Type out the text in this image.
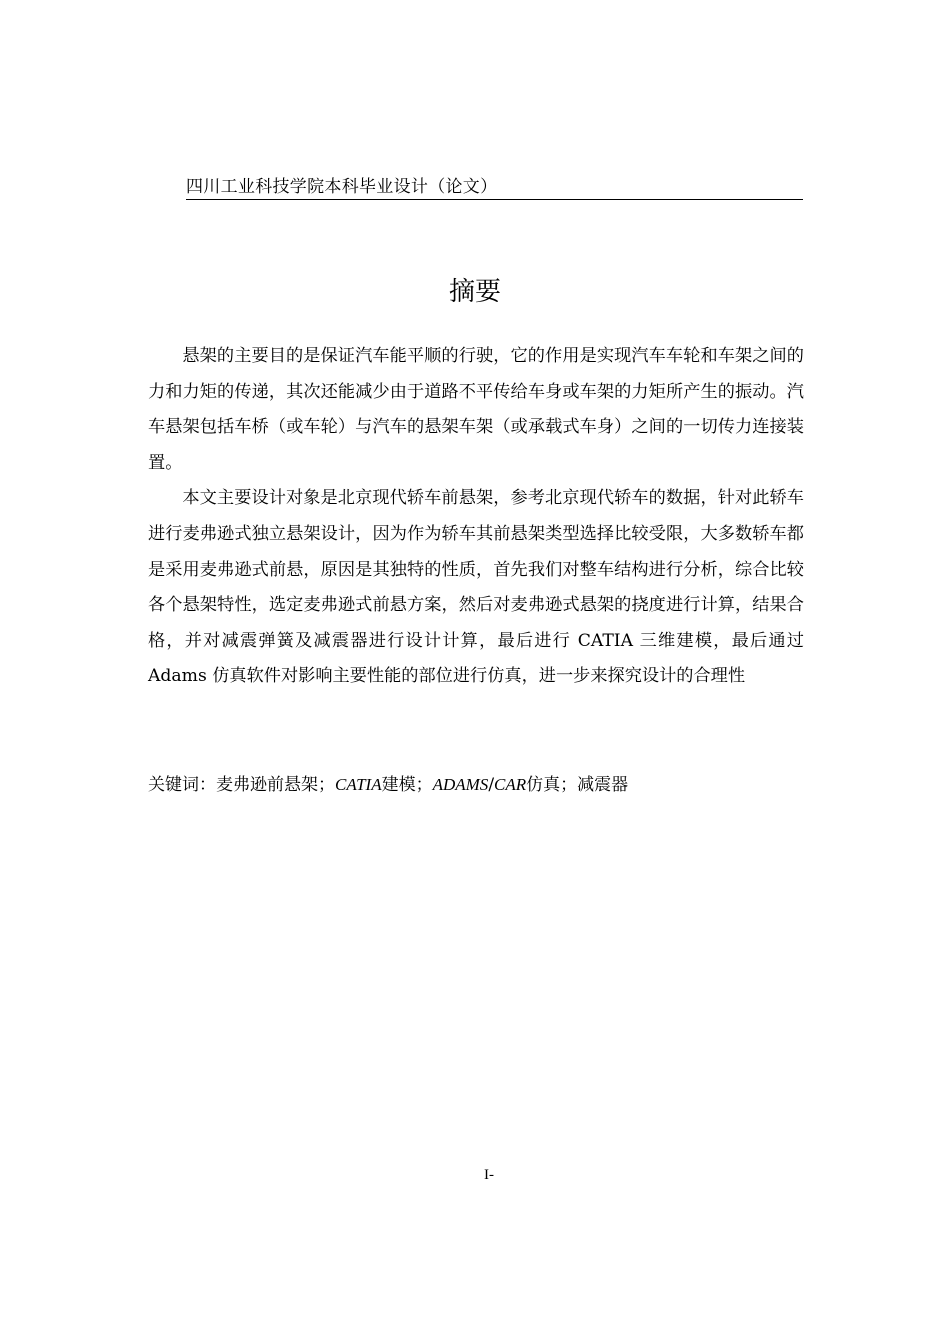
四川工业科技学院本科毕业设计（论文）
摘要

悬架的主要目的是保证汽车能平顺的行驶，它的作用是实现汽车车轮和车架之间的力和力矩的传递，其次还能减少由于道路不平传给车身或车架的力矩所产生的振动。汽车悬架包括车桥（或车轮）与汽车的悬架车架（或承载式车身）之间的一切传力连接装置。

本文主要设计对象是北京现代轿车前悬架，参考北京现代轿车的数据，针对此轿车进行麦弗逊式独立悬架设计，因为作为轿车其前悬架类型选择比较受限，大多数轿车都是采用麦弗逊式前悬，原因是其独特的性质，首先我们对整车结构进行分析，综合比较各个悬架特性，选定麦弗逊式前悬方案，然后对麦弗逊式悬架的挠度进行计算，结果合格，并对减震弹簧及减震器进行设计计算，最后进行 CATIA 三维建模，最后通过 Adams 仿真软件对影响主要性能的部位进行仿真，进一步来探究设计的合理性

关键词：麦弗逊前悬架；CATIA建模；ADAMS/CAR仿真；减震器
I-
